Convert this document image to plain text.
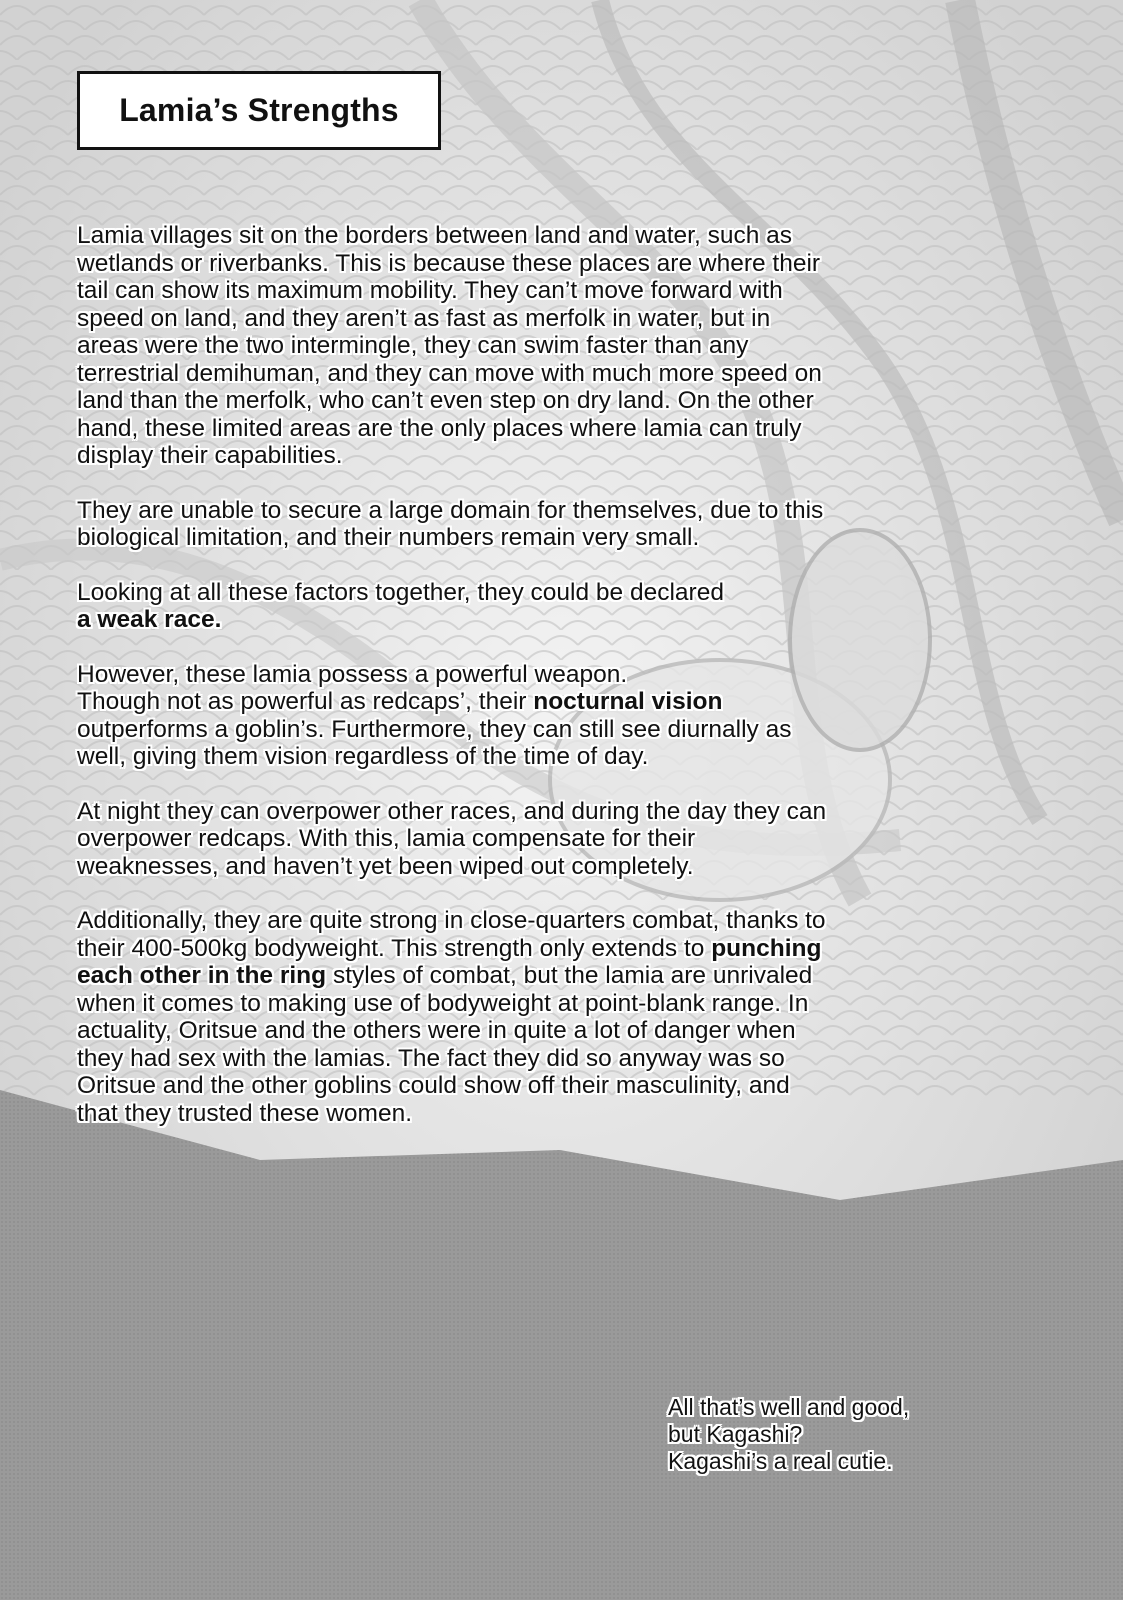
Lamia’s Strengths

Lamia villages sit on the borders between land and water, such as wetlands or riverbanks. This is because these places are where their tail can show its maximum mobility. They can’t move forward with speed on land, and they aren’t as fast as merfolk in water, but in areas were the two intermingle, they can swim faster than any terrestrial demihuman, and they can move with much more speed on land than the merfolk, who can’t even step on dry land. On the other hand, these limited areas are the only places where lamia can truly display their capabilities.

They are unable to secure a large domain for themselves, due to this biological limitation, and their numbers remain very small.

Looking at all these factors together, they could be declared
a weak race.

However, these lamia possess a powerful weapon.
Though not as powerful as redcaps’, their nocturnal vision outperforms a goblin’s. Furthermore, they can still see diurnally as well, giving them vision regardless of the time of day.

At night they can overpower other races, and during the day they can overpower redcaps. With this, lamia compensate for their weaknesses, and haven’t yet been wiped out completely.

Additionally, they are quite strong in close-quarters combat, thanks to their 400-500kg bodyweight. This strength only extends to punching each other in the ring styles of combat, but the lamia are unrivaled when it comes to making use of bodyweight at point-blank range. In actuality, Oritsue and the others were in quite a lot of danger when they had sex with the lamias. The fact they did so anyway was so Oritsue and the other goblins could show off their masculinity, and that they trusted these women.

All that’s well and good,
but Kagashi?
Kagashi’s a real cutie.
